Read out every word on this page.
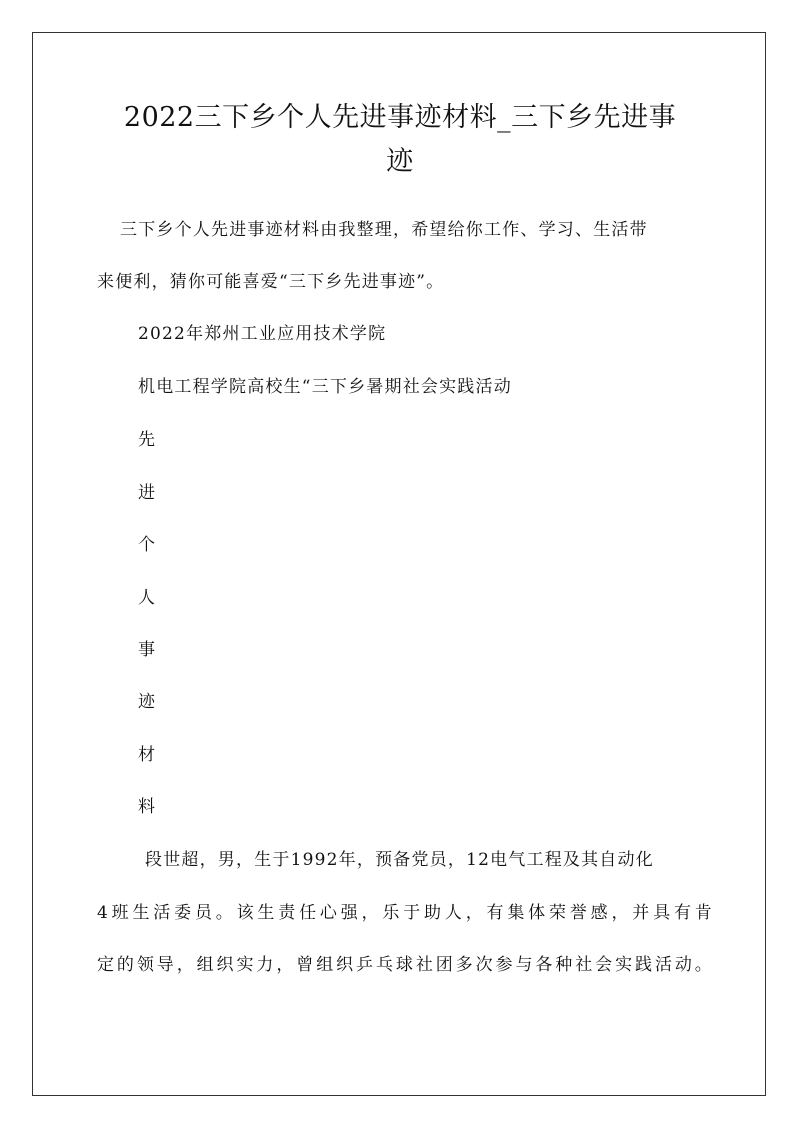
2022三下乡个人先进事迹材料_三下乡先进事
迹

三下乡个人先进事迹材料由我整理，希望给你工作、学习、生活带

来便利，猜你可能喜爱“三下乡先进事迹”。

2022年郑州工业应用技术学院

机电工程学院高校生“三下乡暑期社会实践活动

先

进

个

人

事

迹

材

料

段世超，男，生于1992年，预备党员，12电气工程及其自动化

4班生活委员。该生责任心强，乐于助人，有集体荣誉感，并具有肯

定的领导，组织实力，曾组织乒乓球社团多次参与各种社会实践活动。
